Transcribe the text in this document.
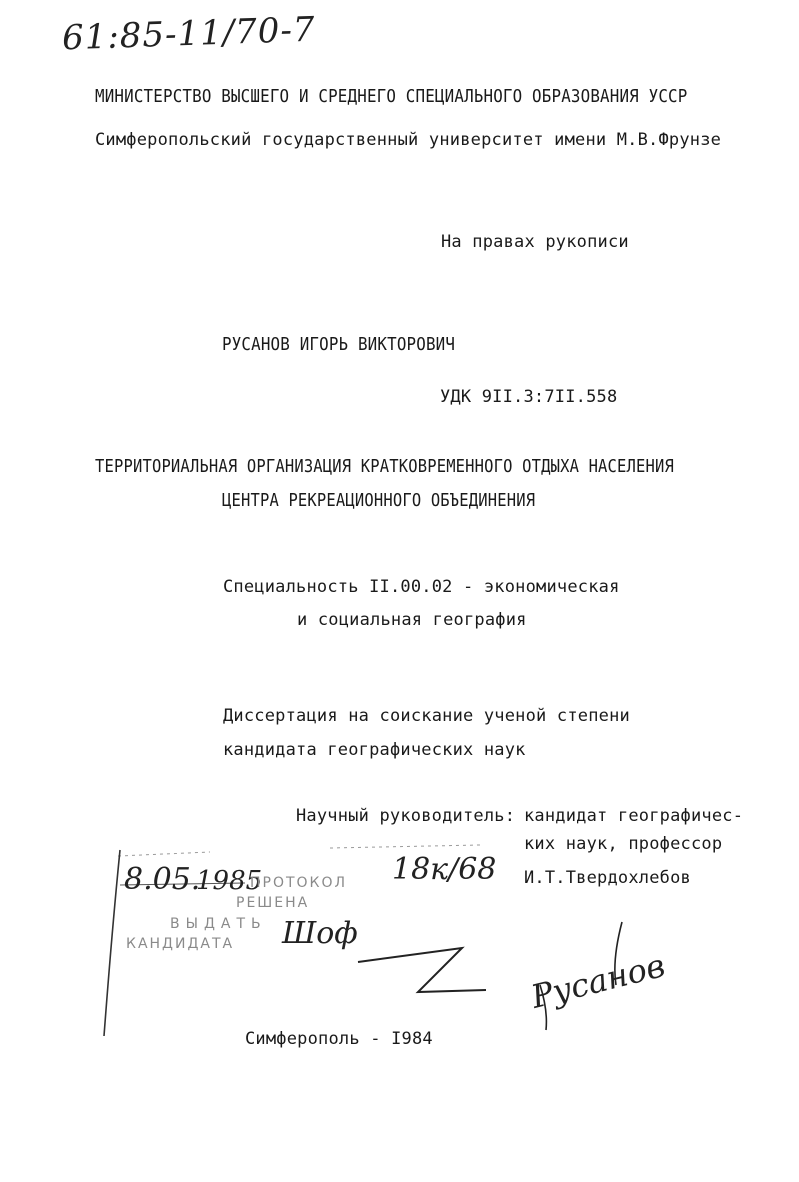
61:85-11/70-7
МИНИСТЕРСТВО ВЫСШЕГО И СРЕДНЕГО СПЕЦИАЛЬНОГО ОБРАЗОВАНИЯ УССР
Симферопольский государственный университет имени М.В.Фрунзе
На правах рукописи
РУСАНОВ ИГОРЬ ВИКТОРОВИЧ
УДК 9II.3:7II.558
ТЕРРИТОРИАЛЬНАЯ ОРГАНИЗАЦИЯ КРАТКОВРЕМЕННОГО ОТДЫХА НАСЕЛЕНИЯ
ЦЕНТРА РЕКРЕАЦИОННОГО ОБЪЕДИНЕНИЯ
Специальность II.00.02 - экономическая
и социальная география
Диссертация на соискание ученой степени
кандидата географических наук
Научный руководитель: кандидат географичес-
ких наук, профессор
И.Т.Твердохлебов
8.05.
1985
ПРОТОКОЛ 18к/68
РЕШЕНА
ВЫДАТЬ
КАНДИДАТА Шоф
Русанов
Симферополь - I984
